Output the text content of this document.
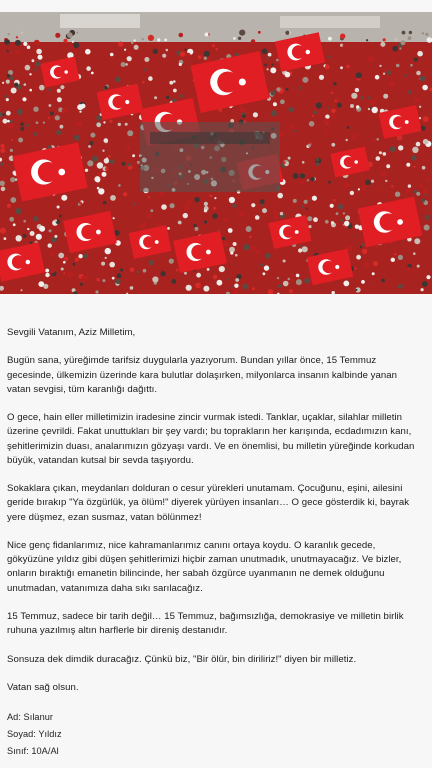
Sevgili Vatanım, Aziz Milletim,

Bugün sana, yüreğimde tarifsiz duygularla yazıyorum. Bundan yıllar önce, 15 Temmuz gecesinde, ülkemizin üzerinde kara bulutlar dolaşırken, milyonlarca insanın kalbinde yanan vatan sevgisi, tüm karanlığı dağıttı.

O gece, hain eller milletimizin iradesine zincir vurmak istedi. Tanklar, uçaklar, silahlar milletin üzerine çevrildi. Fakat unuttukları bir şey vardı; bu toprakların her karışında, ecdadımızın kanı, şehitlerimizin duası, analarımızın gözyaşı vardı. Ve en önemlisi, bu milletin yüreğinde korkudan büyük, vatandan kutsal bir sevda taşıyordu.

Sokaklara çıkan, meydanları dolduran o cesur yürekleri unutamam. Çocuğunu, eşini, ailesini geride bırakıp "Ya özgürlük, ya ölüm!" diyerek yürüyen insanları… O gece gösterdik ki, bayrak yere düşmez, ezan susmaz, vatan bölünmez!

Nice genç fidanlarımız, nice kahramanlarımız canını ortaya koydu. O karanlık gecede, gökyüzüne yıldız gibi düşen şehitlerimizi hiçbir zaman unutmadık, unutmayacağız. Ve bizler, onların bıraktığı emanetin bilincinde, her sabah özgürce uyanmanın ne demek olduğunu unutmadan, vatanımıza daha sıkı sarılacağız.

15 Temmuz, sadece bir tarih değil… 15 Temmuz, bağımsızlığa, demokrasiye ve milletin birlik ruhuna yazılmış altın harflerle bir direniş destanıdır.

Sonsuza dek dimdik duracağız. Çünkü biz, "Bir ölür, bin diriliriz!" diyen bir milletiz.

Vatan sağ olsun.

Ad: Sılanur
Soyad: Yıldız
Sınıf: 10A/Al
